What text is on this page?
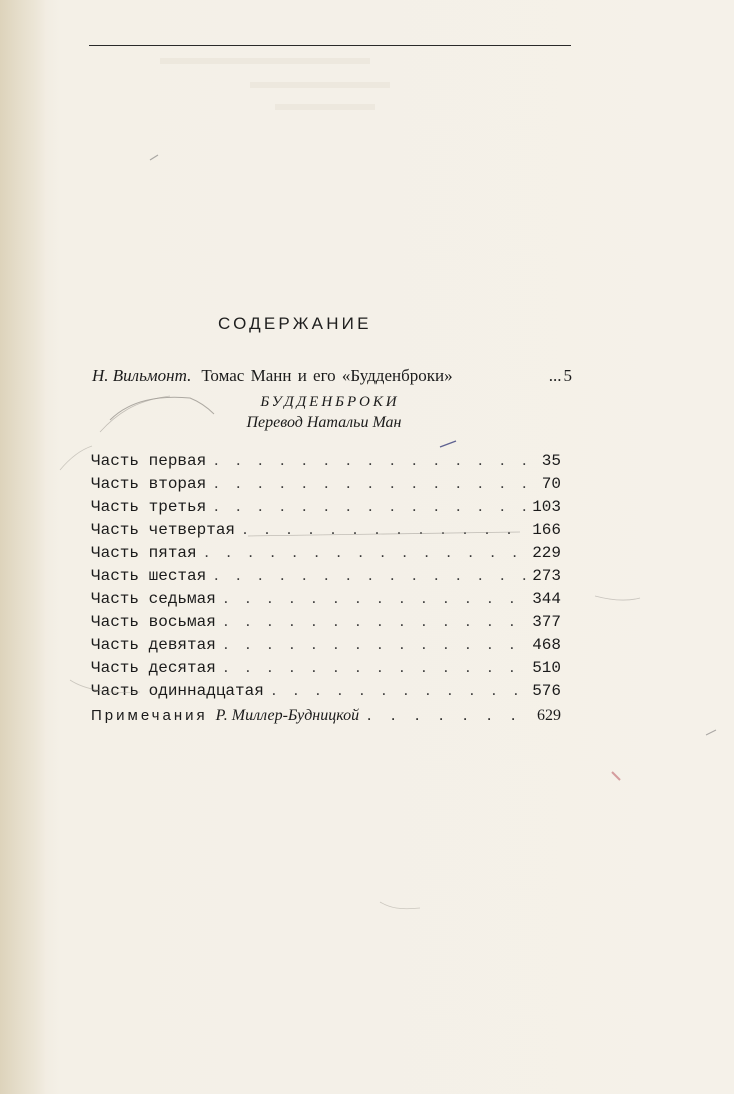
СОДЕРЖАНИЕ
Н. Вильмонт. Томас Манн и его «Будденброки»	... 5
БУДДЕНБРОКИ
Перевод Натальи Ман
Часть первая . . .	35
Часть вторая . . .	70
Часть третья . . .	103
Часть четвертая . . .	166
Часть пятая . . .	229
Часть шестая . . .	273
Часть седьмая . . .	344
Часть восьмая . . .	377
Часть девятая . . .	468
Часть десятая . . .	510
Часть одиннадцатая . . .	576
Примечания Р. Миллер-Будницкой . . .	629
